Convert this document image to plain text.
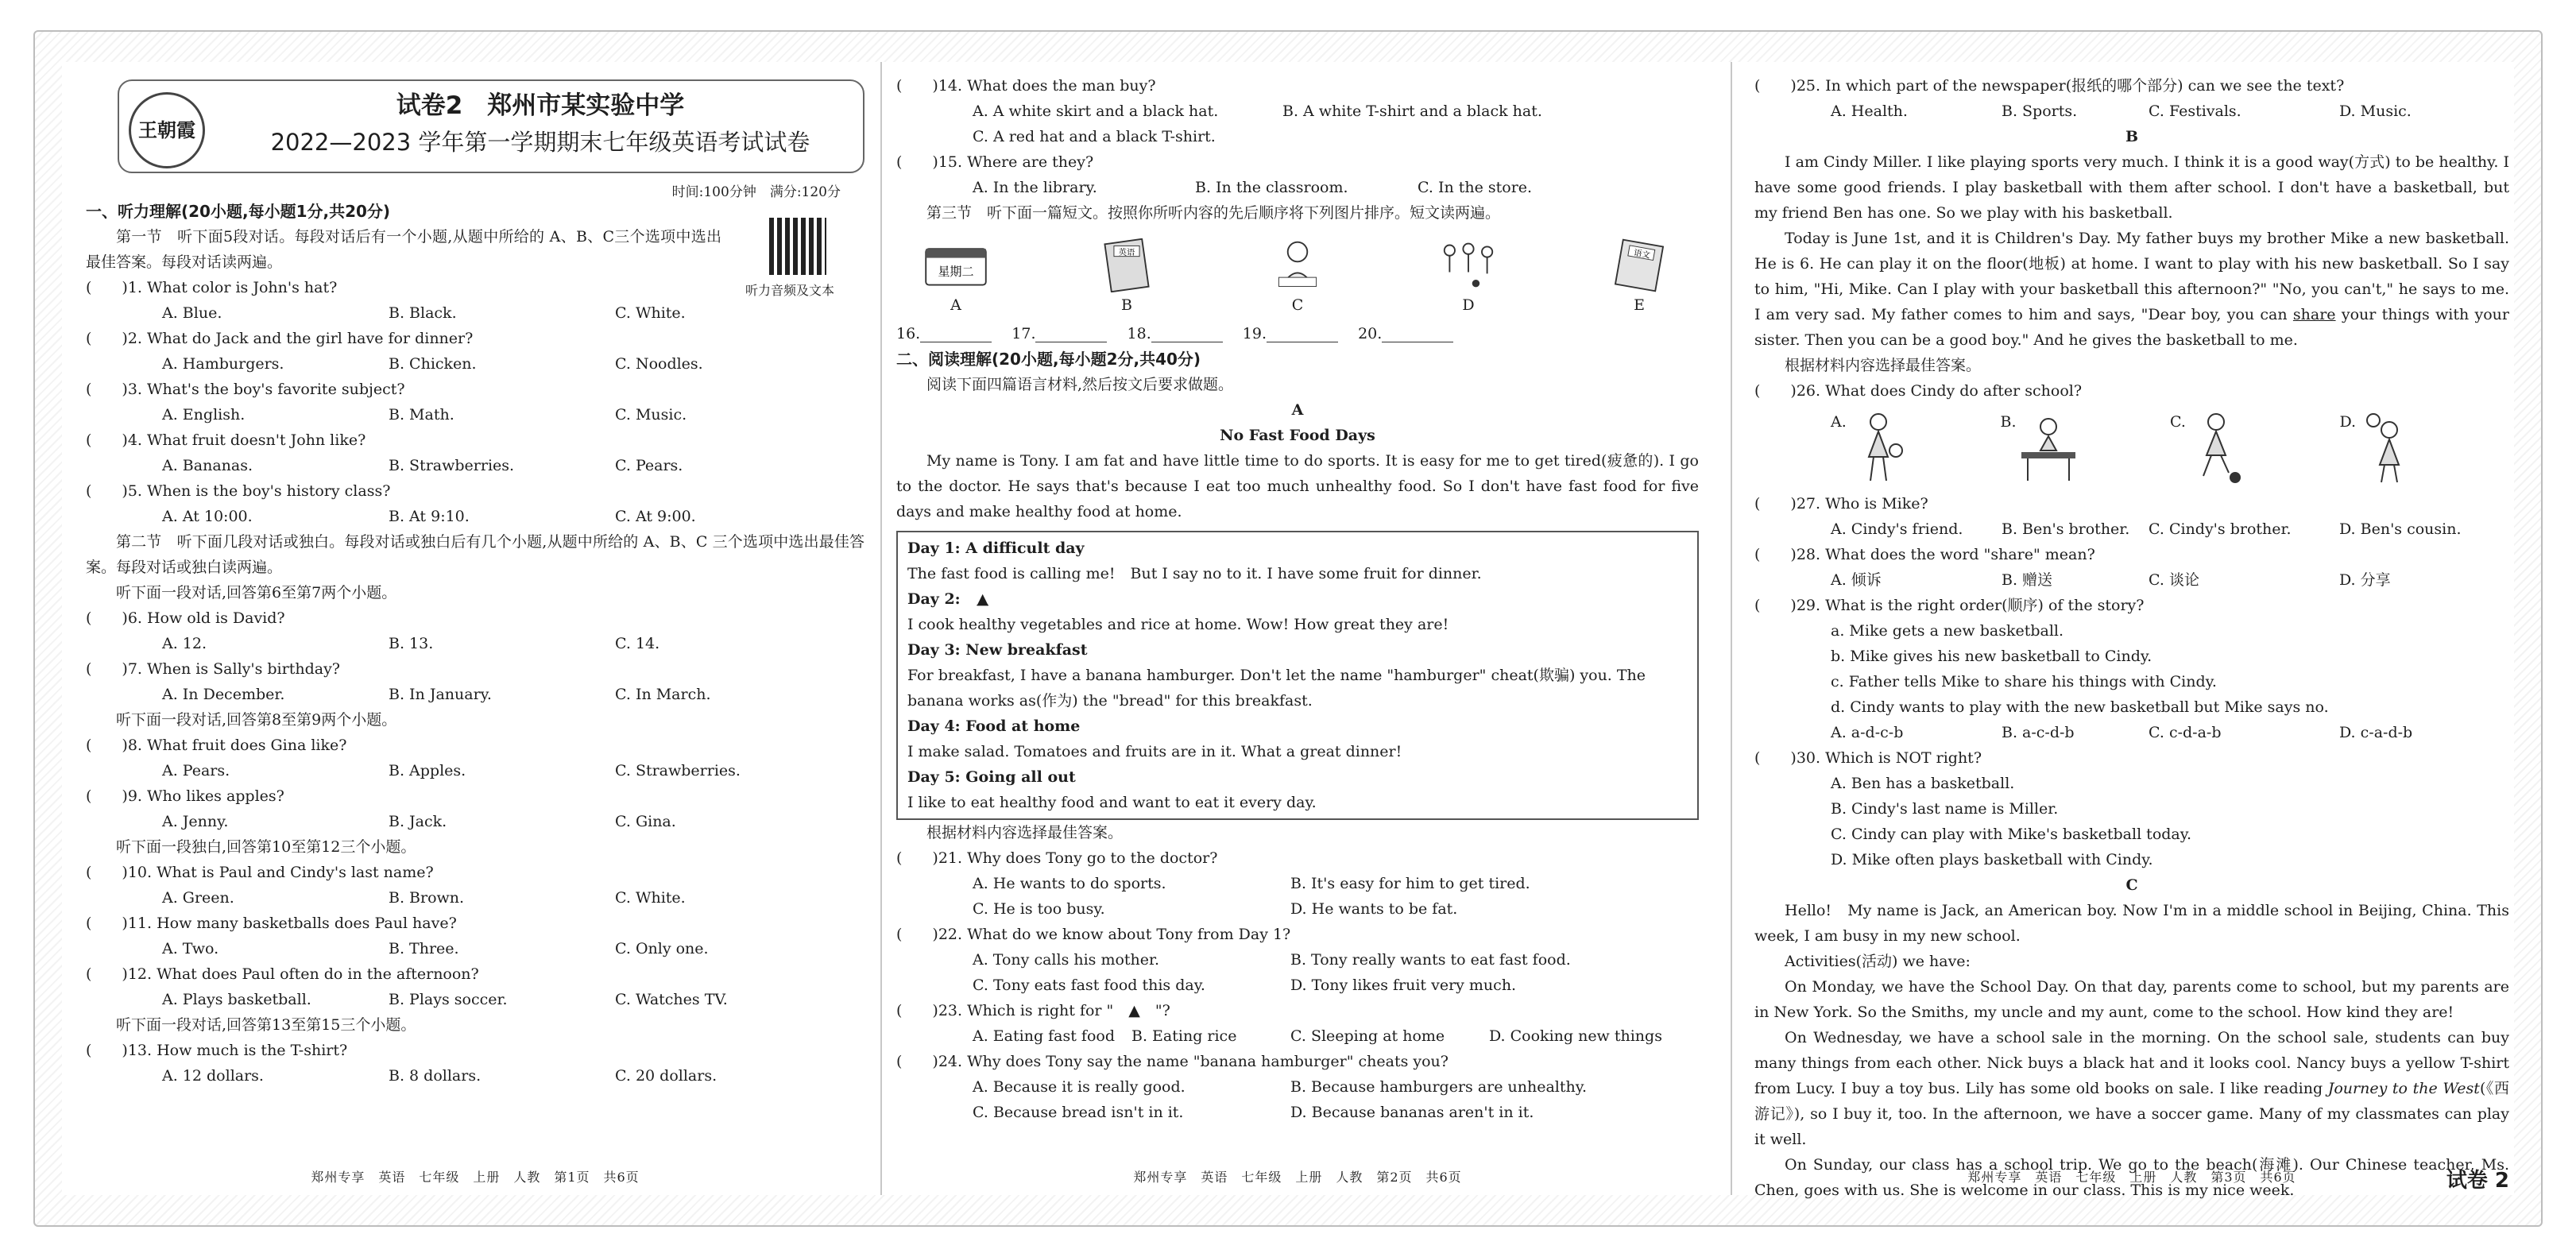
王朝霞
试卷2　郑州市某实验中学
2022—2023 学年第一学期期末七年级英语考试试卷
时间:100分钟　满分:120分
听力音频及文本
一、听力理解(20小题,每小题1分,共20分)
第一节　听下面5段对话。每段对话后有一个小题,从题中所给的 A、B、C三个选项中选出最佳答案。每段对话读两遍。
(　　)1. What color is John's hat?
A. Blue.	B. Black.	C. White.
(　　)2. What do Jack and the girl have for dinner?
A. Hamburgers.	B. Chicken.	C. Noodles.
(　　)3. What's the boy's favorite subject?
A. English.	B. Math.	C. Music.
(　　)4. What fruit doesn't John like?
A. Bananas.	B. Strawberries.	C. Pears.
(　　)5. When is the boy's history class?
A. At 10:00.	B. At 9:10.	C. At 9:00.
第二节　听下面几段对话或独白。每段对话或独白后有几个小题,从题中所给的 A、B、C 三个选项中选出最佳答案。每段对话或独白读两遍。
听下面一段对话,回答第6至第7两个小题。
(　　)6. How old is David?
A. 12.	B. 13.	C. 14.
(　　)7. When is Sally's birthday?
A. In December.	B. In January.	C. In March.
听下面一段对话,回答第8至第9两个小题。
(　　)8. What fruit does Gina like?
A. Pears.	B. Apples.	C. Strawberries.
(　　)9. Who likes apples?
A. Jenny.	B. Jack.	C. Gina.
听下面一段独白,回答第10至第12三个小题。
(　　)10. What is Paul and Cindy's last name?
A. Green.	B. Brown.	C. White.
(　　)11. How many basketballs does Paul have?
A. Two.	B. Three.	C. Only one.
(　　)12. What does Paul often do in the afternoon?
A. Plays basketball.	B. Plays soccer.	C. Watches TV.
听下面一段对话,回答第13至第15三个小题。
(　　)13. How much is the T-shirt?
A. 12 dollars.	B. 8 dollars.	C. 20 dollars.
郑州专享　英语　七年级　上册　人教　第1页　共6页
(　　)14. What does the man buy?
A. A white skirt and a black hat.	B. A white T-shirt and a black hat.
C. A red hat and a black T-shirt.
(　　)15. Where are they?
A. In the library.	B. In the classroom.	C. In the store.
第三节　听下面一篇短文。按照你所听内容的先后顺序将下列图片排序。短文读两遍。
星期二
A
英语
B	C	D
语文
E
16.　	17.　	18.　	19.　	20.
二、阅读理解(20小题,每小题2分,共40分)
阅读下面四篇语言材料,然后按文后要求做题。
A
No Fast Food Days
My name is Tony. I am fat and have little time to do sports. It is easy for me to get tired(疲惫的). I go to the doctor. He says that's because I eat too much unhealthy food. So I don't have fast food for five days and make healthy food at home.
Day 1: A difficult day
The fast food is calling me!　But I say no to it. I have some fruit for dinner.
Day 2: ▲
I cook healthy vegetables and rice at home. Wow! How great they are!
Day 3: New breakfast
For breakfast, I have a banana hamburger. Don't let the name "hamburger" cheat(欺骗) you. The banana works as(作为) the "bread" for this breakfast.
Day 4: Food at home
I make salad. Tomatoes and fruits are in it. What a great dinner!
Day 5: Going all out
I like to eat healthy food and want to eat it every day.
根据材料内容选择最佳答案。
(　　)21. Why does Tony go to the doctor?
A. He wants to do sports.	B. It's easy for him to get tired.
C. He is too busy.	D. He wants to be fat.
(　　)22. What do we know about Tony from Day 1?
A. Tony calls his mother.	B. Tony really wants to eat fast food.
C. Tony eats fast food this day.	D. Tony likes fruit very much.
(　　)23. Which is right for "　▲　"?
A. Eating fast food	B. Eating rice	C. Sleeping at home	D. Cooking new things
(　　)24. Why does Tony say the name "banana hamburger" cheats you?
A. Because it is really good.	B. Because hamburgers are unhealthy.
C. Because bread isn't in it.	D. Because bananas aren't in it.
郑州专享　英语　七年级　上册　人教　第2页　共6页
(　　)25. In which part of the newspaper(报纸的哪个部分) can we see the text?
A. Health.	B. Sports.	C. Festivals.	D. Music.
B
I am Cindy Miller. I like playing sports very much. I think it is a good way(方式) to be healthy. I have some good friends. I play basketball with them after school. I don't have a basketball, but my friend Ben has one. So we play with his basketball.
Today is June 1st, and it is Children's Day. My father buys my brother Mike a new basketball. He is 6. He can play it on the floor(地板) at home. I want to play with his new basketball. So I say to him, "Hi, Mike. Can I play with your basketball this afternoon?" "No, you can't," he says to me. I am very sad. My father comes to him and says, "Dear boy, you can share your things with your sister. Then you can be a good boy." And he gives the basketball to me.
根据材料内容选择最佳答案。
(　　)26. What does Cindy do after school?
A.	B.	C.	D.
(　　)27. Who is Mike?
A. Cindy's friend.	B. Ben's brother.	C. Cindy's brother.	D. Ben's cousin.
(　　)28. What does the word "share" mean?
A. 倾诉	B. 赠送	C. 谈论	D. 分享
(　　)29. What is the right order(顺序) of the story?
a. Mike gets a new basketball.
b. Mike gives his new basketball to Cindy.
c. Father tells Mike to share his things with Cindy.
d. Cindy wants to play with the new basketball but Mike says no.
A. a-d-c-b	B. a-c-d-b	C. c-d-a-b	D. c-a-d-b
(　　)30. Which is NOT right?
A. Ben has a basketball.
B. Cindy's last name is Miller.
C. Cindy can play with Mike's basketball today.
D. Mike often plays basketball with Cindy.
C
Hello!　My name is Jack, an American boy. Now I'm in a middle school in Beijing, China. This week, I am busy in my new school.
Activities(活动) we have:
On Monday, we have the School Day. On that day, parents come to school, but my parents are in New York. So the Smiths, my uncle and my aunt, come to the school. How kind they are!
On Wednesday, we have a school sale in the morning. On the school sale, students can buy many things from each other. Nick buys a black hat and it looks cool. Nancy buys a yellow T-shirt from Lucy. I buy a toy bus. Lily has some old books on sale. I like reading Journey to the West(《西游记》), so I buy it, too. In the afternoon, we have a soccer game. Many of my classmates can play it well.
On Sunday, our class has a school trip. We go to the beach(海滩). Our Chinese teacher, Ms. Chen, goes with us. She is welcome in our class. This is my nice week.
郑州专享　英语　七年级　上册　人教　第3页　共6页	试卷 2
